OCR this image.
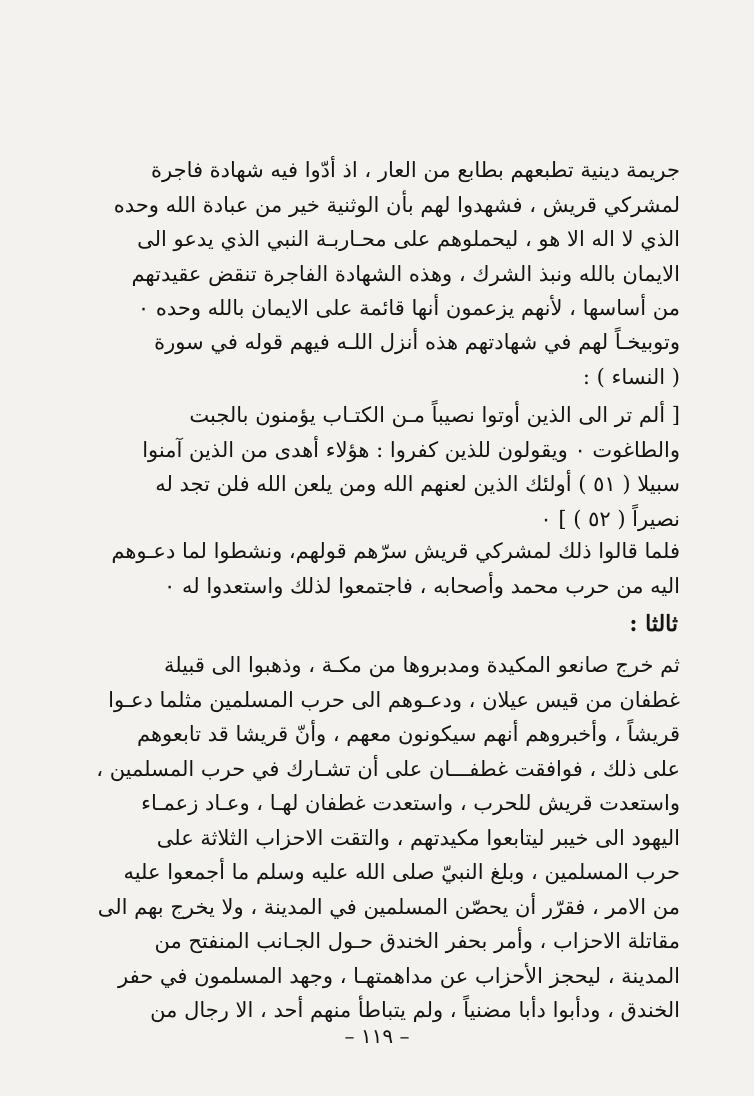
جريمة دينية تطبعهم بطابع من العار ، اذ أدّوا فيه شهادة فاجرة
لمشركي قريش ، فشهدوا لهم بأن الوثنية خير من عبادة الله وحده
الذي لا اله الا هو ، ليحملوهم على محـاربـة النبي الذي يدعو الى
الايمان بالله ونبذ الشرك ، وهذه الشهادة الفاجرة تنقض عقيدتهم
من أساسها ، لأنهم يزعمون أنها قائمة على الايمان بالله وحده ٠
وتوبيخـاً لهم في شهادتهم هذه أنزل اللـه فيهم قوله في سورة
( النساء ) :
[ ألم تر الى الذين أوتوا نصيباً مـن الكتـاب يؤمنون بالجبت
والطاغوت ٠ ويقولون للذين كفروا : هؤلاء أهدى من الذين آمنوا
سبيلا ( ٥١ ) أولئك الذين لعنهم الله ومن يلعن الله فلن تجد له
نصيراً ( ٥٢ ) ] ٠
فلما قالوا ذلك لمشركي قريش سرّهم قولهم، ونشطوا لما دعـوهم
اليه من حرب محمد وأصحابه ، فاجتمعوا لذلك واستعدوا له ٠
ثالثا :
ثم خرج صانعو المكيدة ومدبروها من مكـة ، وذهبوا الى قبيلة
غطفان من قيس عيلان ، ودعـوهم الى حرب المسلمين مثلما دعـوا
قريشاً ، وأخبروهم أنهم سيكونون معهم ، وأنّ قريشا قد تابعوهم
على ذلك ، فوافقت غطفـــان على أن تشـارك في حرب المسلمين ،
واستعدت قريش للحرب ، واستعدت غطفان لهـا ، وعـاد زعمـاء
اليهود الى خيبر ليتابعوا مكيدتهم ، والتقت الاحزاب الثلاثة على
حرب المسلمين ، وبلغ النبيّ صلى الله عليه وسلم ما أجمعوا عليه
من الامر ، فقرّر أن يحصّن المسلمين في المدينة ، ولا يخرج بهم الى
مقاتلة الاحزاب ، وأمر بحفر الخندق حـول الجـانب المنفتح من
المدينة ، ليحجز الأحزاب عن مداهمتهـا ، وجهد المسلمون في حفر
الخندق ، ودأبوا دأبا مضنياً ، ولم يتباطأ منهم أحد ، الا رجال من
– ١١٩ –
